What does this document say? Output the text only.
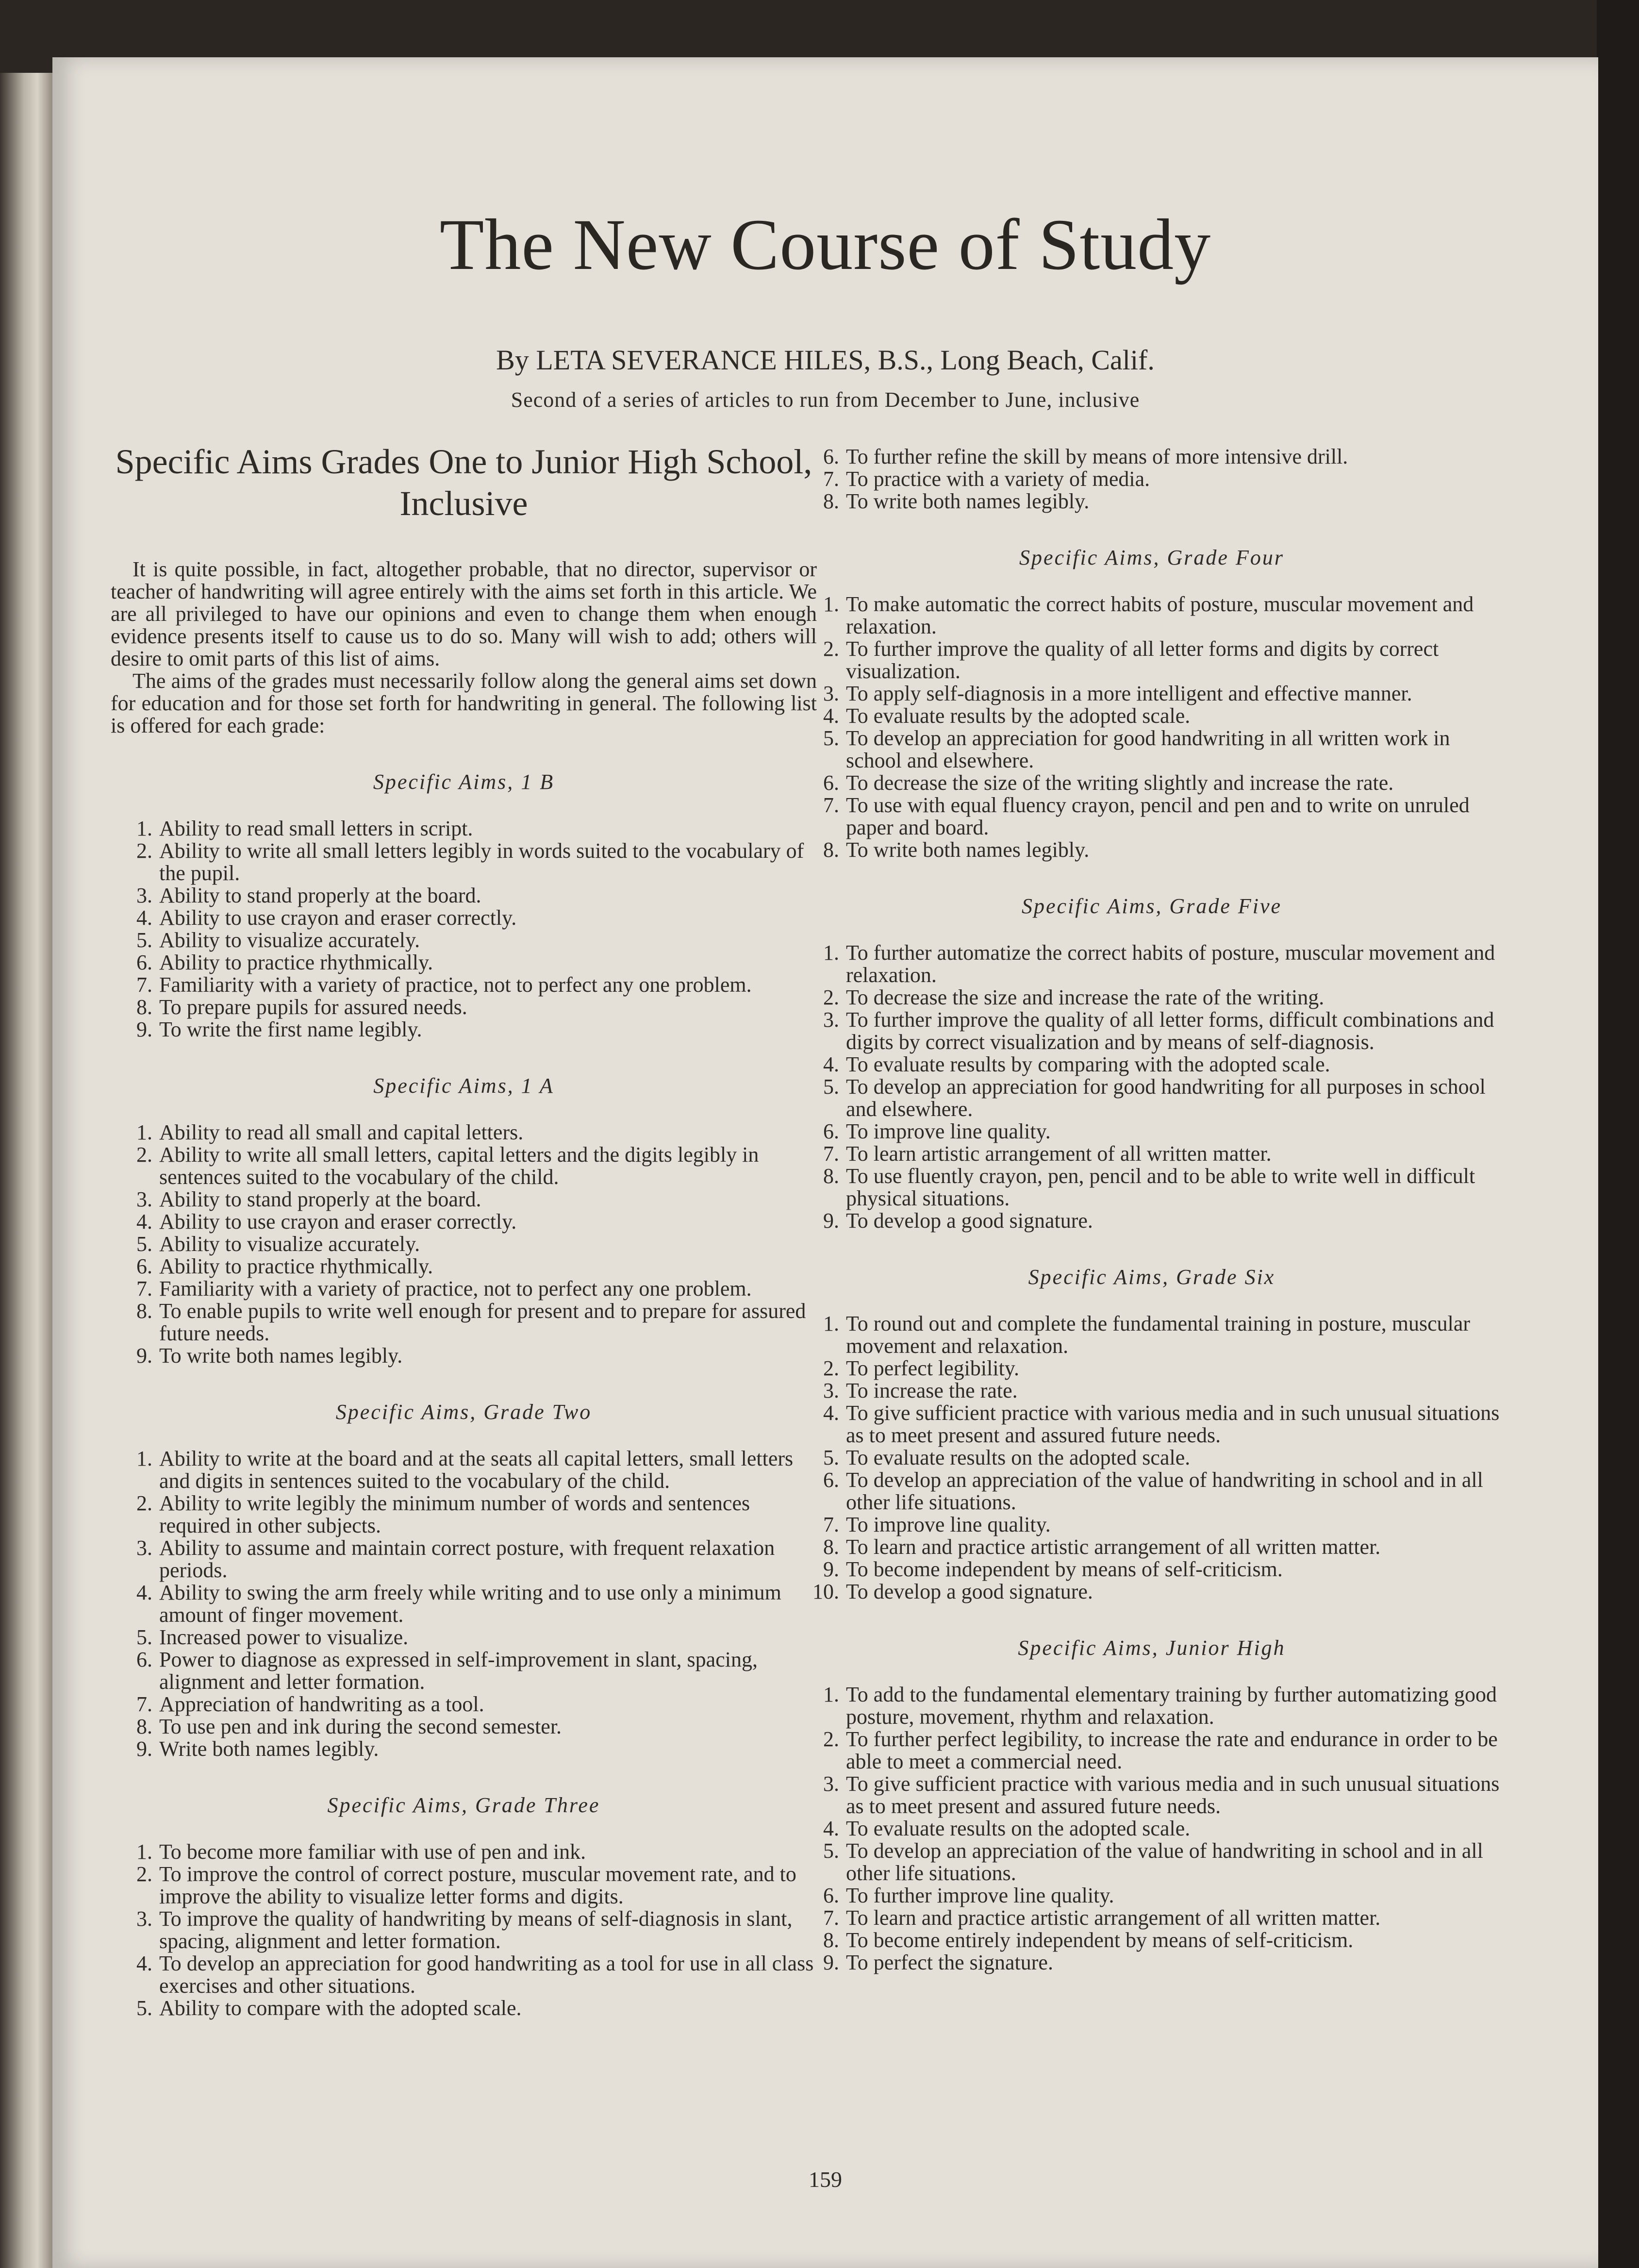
The New Course of Study
By LETA SEVERANCE HILES, B.S., Long Beach, Calif.
Second of a series of articles to run from December to June, inclusive
Specific Aims Grades One to Junior High School, Inclusive

It is quite possible, in fact, altogether probable, that no director, supervisor or teacher of handwriting will agree entirely with the aims set forth in this article. We are all privileged to have our opinions and even to change them when enough evidence presents itself to cause us to do so. Many will wish to add; others will desire to omit parts of this list of aims.

The aims of the grades must necessarily follow along the general aims set down for education and for those set forth for handwriting in general. The following list is offered for each grade:

Specific Aims, 1 B
1. Ability to read small letters in script.
2. Ability to write all small letters legibly in words suited to the vocabulary of the pupil.
3. Ability to stand properly at the board.
4. Ability to use crayon and eraser correctly.
5. Ability to visualize accurately.
6. Ability to practice rhythmically.
7. Familiarity with a variety of practice, not to perfect any one problem.
8. To prepare pupils for assured needs.
9. To write the first name legibly.
Specific Aims, 1 A
1. Ability to read all small and capital letters.
2. Ability to write all small letters, capital letters and the digits legibly in sentences suited to the vocabulary of the child.
3. Ability to stand properly at the board.
4. Ability to use crayon and eraser correctly.
5. Ability to visualize accurately.
6. Ability to practice rhythmically.
7. Familiarity with a variety of practice, not to perfect any one problem.
8. To enable pupils to write well enough for present and to prepare for assured future needs.
9. To write both names legibly.
Specific Aims, Grade Two
1. Ability to write at the board and at the seats all capital letters, small letters and digits in sentences suited to the vocabulary of the child.
2. Ability to write legibly the minimum number of words and sentences required in other subjects.
3. Ability to assume and maintain correct posture, with frequent relaxation periods.
4. Ability to swing the arm freely while writing and to use only a minimum amount of finger movement.
5. Increased power to visualize.
6. Power to diagnose as expressed in self-improvement in slant, spacing, alignment and letter formation.
7. Appreciation of handwriting as a tool.
8. To use pen and ink during the second semester.
9. Write both names legibly.
Specific Aims, Grade Three
1. To become more familiar with use of pen and ink.
2. To improve the control of correct posture, muscular movement rate, and to improve the ability to visualize letter forms and digits.
3. To improve the quality of handwriting by means of self-diagnosis in slant, spacing, alignment and letter formation.
4. To develop an appreciation for good handwriting as a tool for use in all class exercises and other situations.
5. Ability to compare with the adopted scale.
6. To further refine the skill by means of more intensive drill.
7. To practice with a variety of media.
8. To write both names legibly.
Specific Aims, Grade Four
1. To make automatic the correct habits of posture, muscular movement and relaxation.
2. To further improve the quality of all letter forms and digits by correct visualization.
3. To apply self-diagnosis in a more intelligent and effective manner.
4. To evaluate results by the adopted scale.
5. To develop an appreciation for good handwriting in all written work in school and elsewhere.
6. To decrease the size of the writing slightly and increase the rate.
7. To use with equal fluency crayon, pencil and pen and to write on unruled paper and board.
8. To write both names legibly.
Specific Aims, Grade Five
1. To further automatize the correct habits of posture, muscular movement and relaxation.
2. To decrease the size and increase the rate of the writing.
3. To further improve the quality of all letter forms, difficult combinations and digits by correct visualization and by means of self-diagnosis.
4. To evaluate results by comparing with the adopted scale.
5. To develop an appreciation for good handwriting for all purposes in school and elsewhere.
6. To improve line quality.
7. To learn artistic arrangement of all written matter.
8. To use fluently crayon, pen, pencil and to be able to write well in difficult physical situations.
9. To develop a good signature.
Specific Aims, Grade Six
1. To round out and complete the fundamental training in posture, muscular movement and relaxation.
2. To perfect legibility.
3. To increase the rate.
4. To give sufficient practice with various media and in such unusual situations as to meet present and assured future needs.
5. To evaluate results on the adopted scale.
6. To develop an appreciation of the value of handwriting in school and in all other life situations.
7. To improve line quality.
8. To learn and practice artistic arrangement of all written matter.
9. To become independent by means of self-criticism.
10. To develop a good signature.
Specific Aims, Junior High
1. To add to the fundamental elementary training by further automatizing good posture, movement, rhythm and relaxation.
2. To further perfect legibility, to increase the rate and endurance in order to be able to meet a commercial need.
3. To give sufficient practice with various media and in such unusual situations as to meet present and assured future needs.
4. To evaluate results on the adopted scale.
5. To develop an appreciation of the value of handwriting in school and in all other life situations.
6. To further improve line quality.
7. To learn and practice artistic arrangement of all written matter.
8. To become entirely independent by means of self-criticism.
9. To perfect the signature.
159
